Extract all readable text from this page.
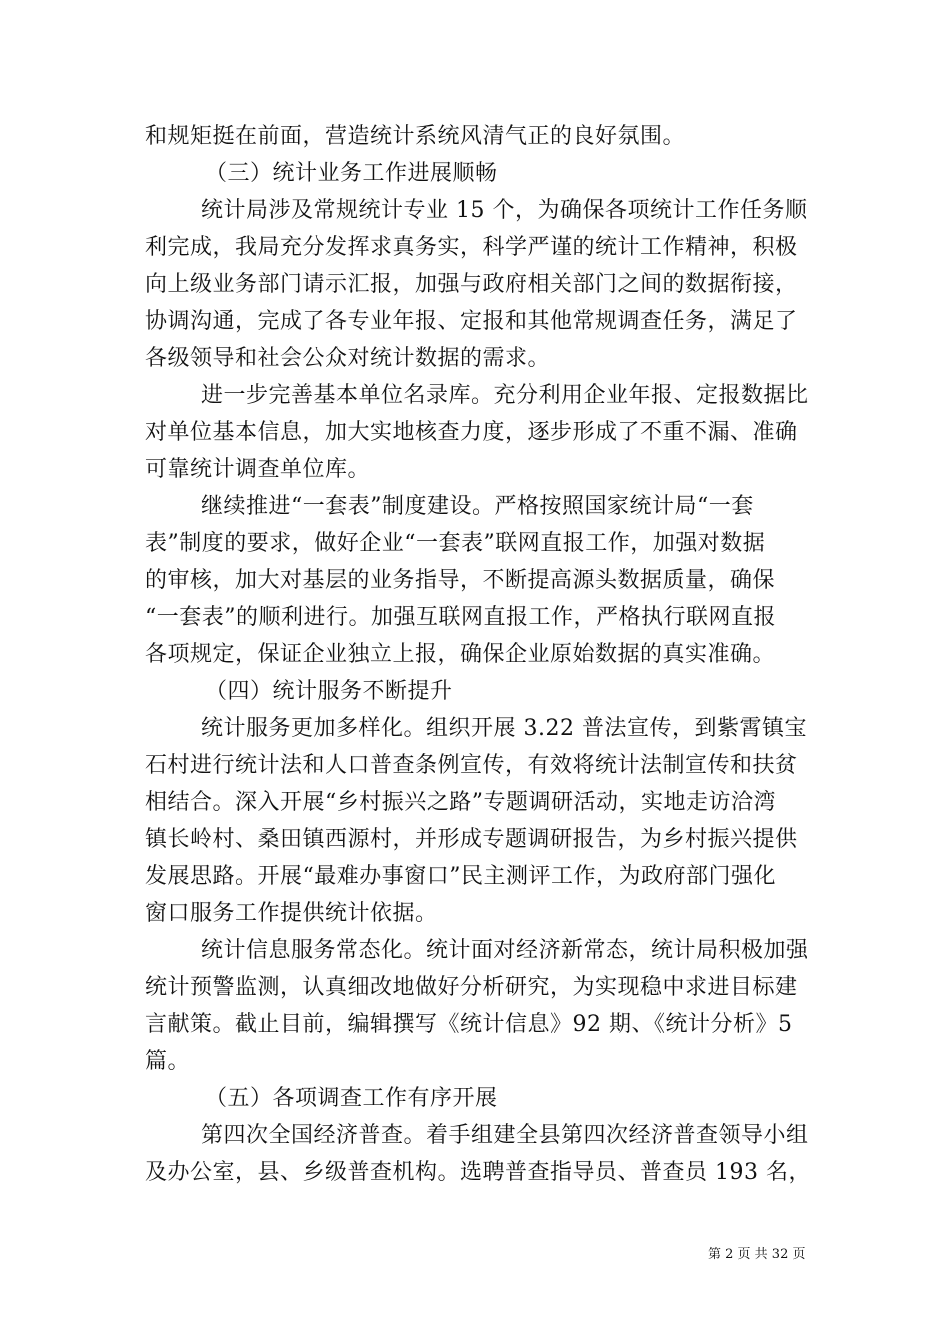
和规矩挺在前面，营造统计系统风清气正的良好氛围。
（三）统计业务工作进展顺畅
统计局涉及常规统计专业 15 个，为确保各项统计工作任务顺
利完成，我局充分发挥求真务实，科学严谨的统计工作精神，积极
向上级业务部门请示汇报，加强与政府相关部门之间的数据衔接，
协调沟通，完成了各专业年报、定报和其他常规调查任务，满足了
各级领导和社会公众对统计数据的需求。
进一步完善基本单位名录库。充分利用企业年报、定报数据比
对单位基本信息，加大实地核查力度，逐步形成了不重不漏、准确
可靠统计调查单位库。
继续推进“一套表”制度建设。严格按照国家统计局“一套
表”制度的要求，做好企业“一套表”联网直报工作，加强对数据
的审核，加大对基层的业务指导，不断提高源头数据质量，确保
“一套表”的顺利进行。加强互联网直报工作，严格执行联网直报
各项规定，保证企业独立上报，确保企业原始数据的真实准确。
（四）统计服务不断提升
统计服务更加多样化。组织开展 3.22 普法宣传，到紫霄镇宝
石村进行统计法和人口普查条例宣传，有效将统计法制宣传和扶贫
相结合。深入开展“乡村振兴之路”专题调研活动，实地走访洽湾
镇长岭村、桑田镇西源村，并形成专题调研报告，为乡村振兴提供
发展思路。开展“最难办事窗口”民主测评工作，为政府部门强化
窗口服务工作提供统计依据。
统计信息服务常态化。统计面对经济新常态，统计局积极加强
统计预警监测，认真细改地做好分析研究，为实现稳中求进目标建
言献策。截止目前，编辑撰写《统计信息》92 期、《统计分析》5
篇。
（五）各项调查工作有序开展
第四次全国经济普查。着手组建全县第四次经济普查领导小组
及办公室，县、乡级普查机构。选聘普查指导员、普查员 193 名，
第 2 页 共 32 页
